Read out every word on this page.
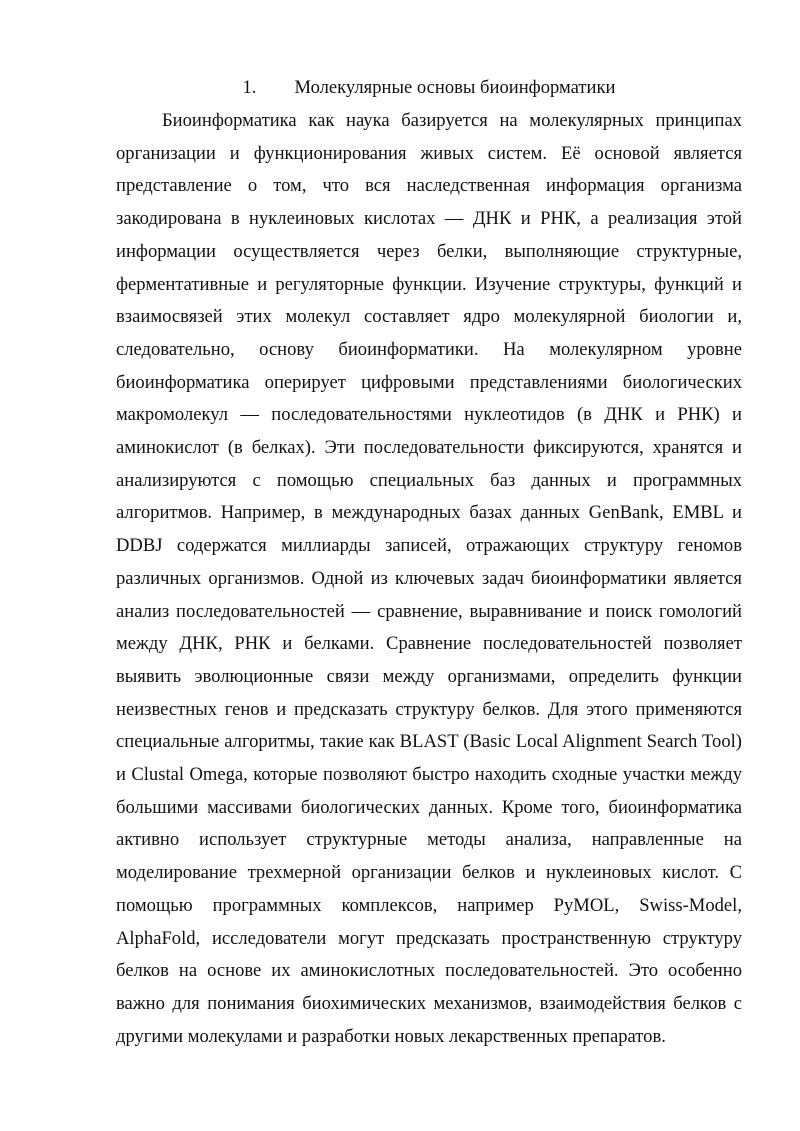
1. Молекулярные основы биоинформатики

Биоинформатика как наука базируется на молекулярных принципах организации и функционирования живых систем. Её основой является представление о том, что вся наследственная информация организма закодирована в нуклеиновых кислотах — ДНК и РНК, а реализация этой информации осуществляется через белки, выполняющие структурные, ферментативные и регуляторные функции. Изучение структуры, функций и взаимосвязей этих молекул составляет ядро молекулярной биологии и, следовательно, основу биоинформатики. На молекулярном уровне биоинформатика оперирует цифровыми представлениями биологических макромолекул — последовательностями нуклеотидов (в ДНК и РНК) и аминокислот (в белках). Эти последовательности фиксируются, хранятся и анализируются с помощью специальных баз данных и программных алгоритмов. Например, в международных базах данных GenBank, EMBL и DDBJ содержатся миллиарды записей, отражающих структуру геномов различных организмов. Одной из ключевых задач биоинформатики является анализ последовательностей — сравнение, выравнивание и поиск гомологий между ДНК, РНК и белками. Сравнение последовательностей позволяет выявить эволюционные связи между организмами, определить функции неизвестных генов и предсказать структуру белков. Для этого применяются специальные алгоритмы, такие как BLAST (Basic Local Alignment Search Tool) и Clustal Omega, которые позволяют быстро находить сходные участки между большими массивами биологических данных. Кроме того, биоинформатика активно использует структурные методы анализа, направленные на моделирование трехмерной организации белков и нуклеиновых кислот. С помощью программных комплексов, например PyMOL, Swiss-Model, AlphaFold, исследователи могут предсказать пространственную структуру белков на основе их аминокислотных последовательностей. Это особенно важно для понимания биохимических механизмов, взаимодействия белков с другими молекулами и разработки новых лекарственных препаратов.
